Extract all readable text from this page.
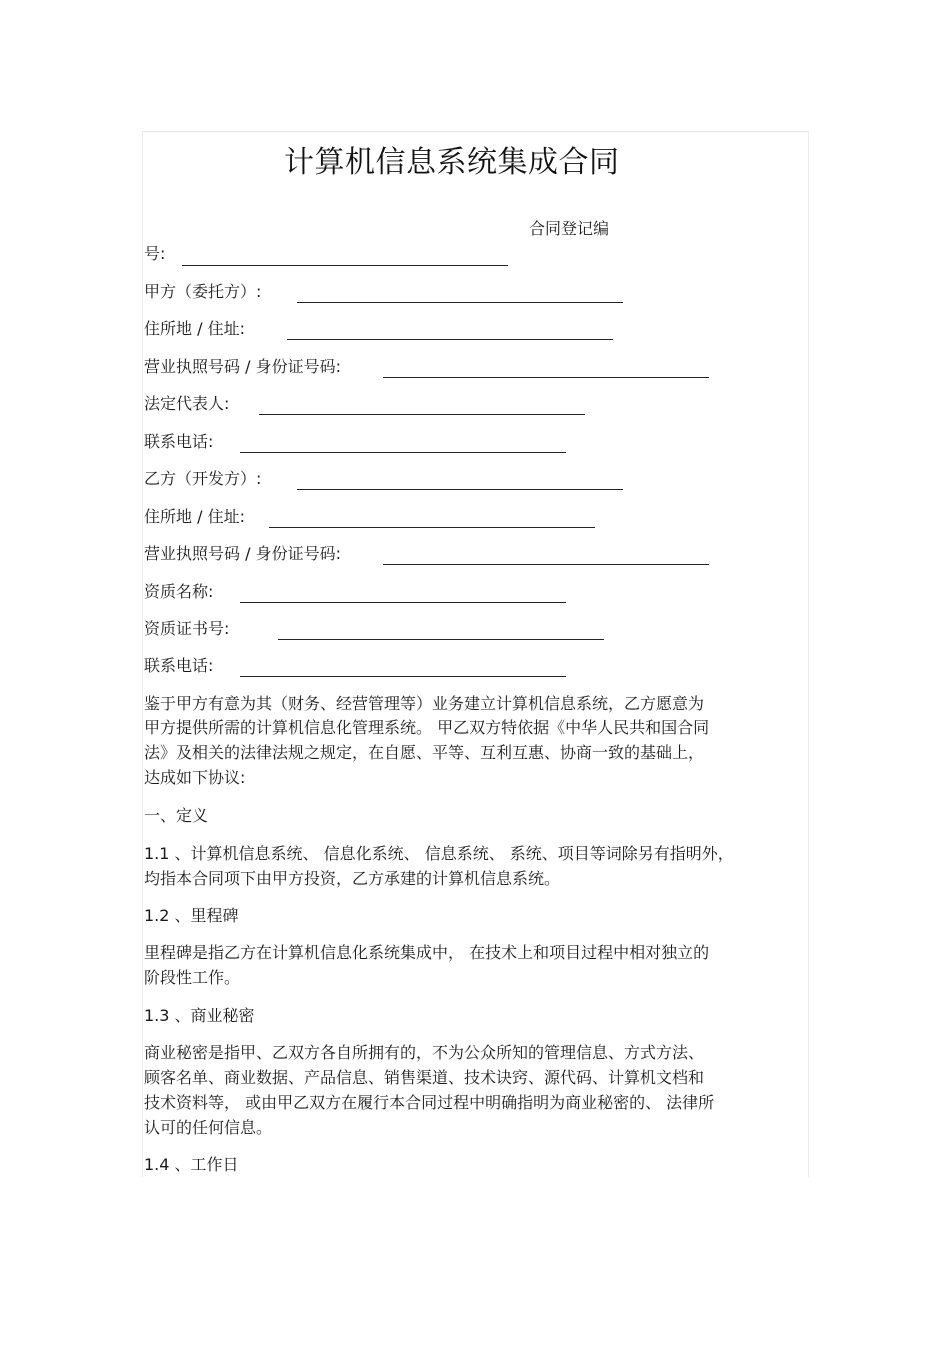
计算机信息系统集成合同
合同登记编
号:
甲方（委托方）:
住所地 / 住址:
营业执照号码 / 身份证号码:
法定代表人:
联系电话:
乙方（开发方）:
住所地 / 住址:
营业执照号码 / 身份证号码:
资质名称:
资质证书号:
联系电话:
鉴于甲方有意为其（财务、经营管理等）业务建立计算机信息系统，乙方愿意为
甲方提供所需的计算机信息化管理系统。 甲乙双方特依据《中华人民共和国合同
法》及相关的法律法规之规定，在自愿、平等、互利互惠、协商一致的基础上，
达成如下协议:
一、定义
1.1 、计算机信息系统、 信息化系统、 信息系统、 系统、项目等词除另有指明外，
均指本合同项下由甲方投资，乙方承建的计算机信息系统。
1.2 、里程碑
里程碑是指乙方在计算机信息化系统集成中， 在技术上和项目过程中相对独立的
阶段性工作。
1.3 、商业秘密
商业秘密是指甲、乙双方各自所拥有的，不为公众所知的管理信息、方式方法、
顾客名单、商业数据、产品信息、销售渠道、技术诀窍、源代码、计算机文档和
技术资料等， 或由甲乙双方在履行本合同过程中明确指明为商业秘密的、 法律所
认可的任何信息。
1.4 、工作日
